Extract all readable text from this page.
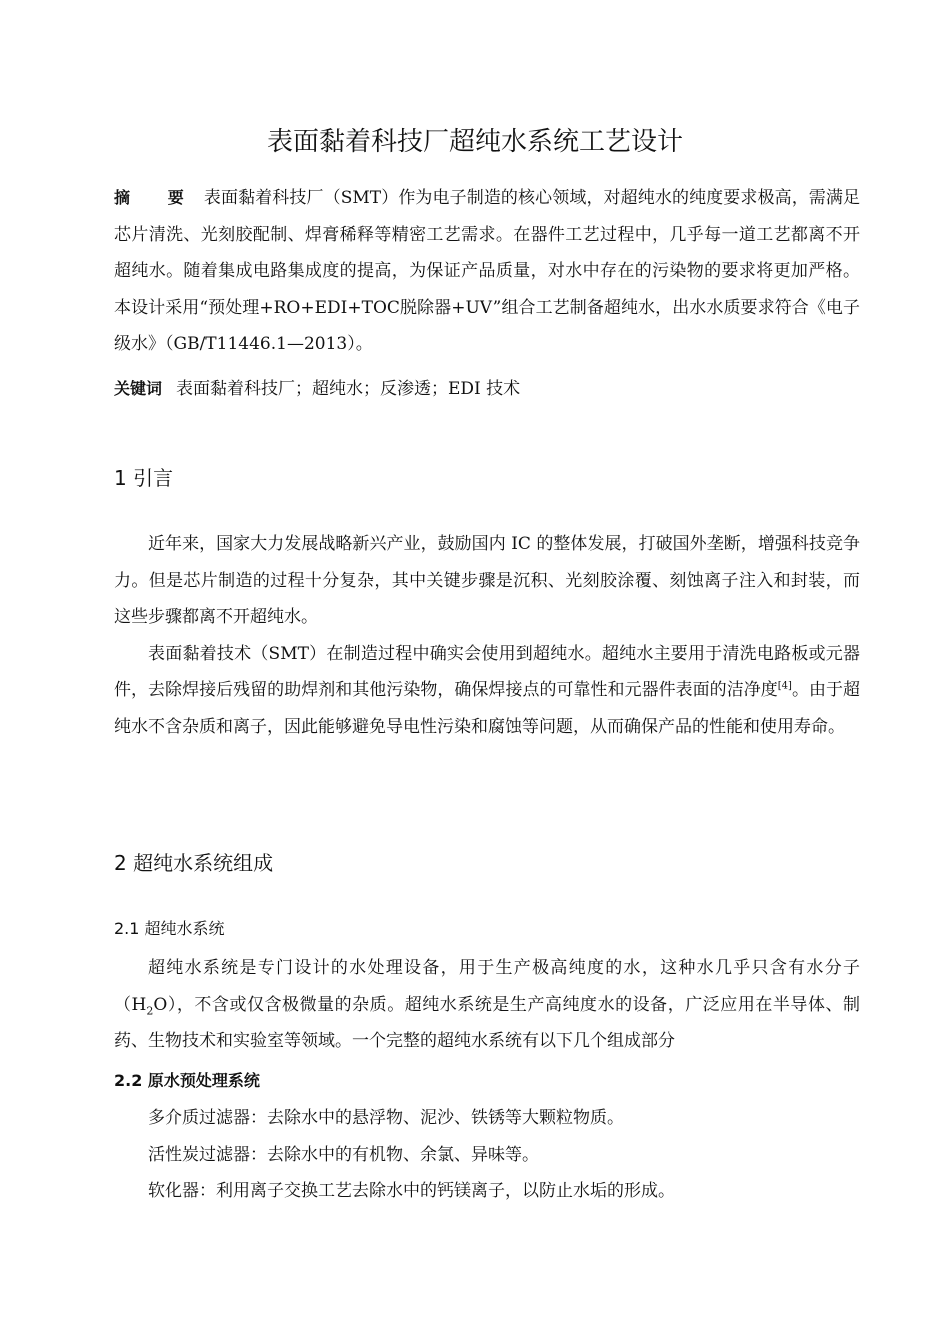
表面黏着科技厂超纯水系统工艺设计
摘 要 表面黏着科技厂（SMT）作为电子制造的核心领域，对超纯水的纯度要求极高，需满足芯片清洗、光刻胶配制、焊膏稀释等精密工艺需求。在器件工艺过程中，几乎每一道工艺都离不开超纯水。随着集成电路集成度的提高，为保证产品质量，对水中存在的污染物的要求将更加严格。本设计采用“预处理+RO+EDI+TOC脱除器+UV”组合工艺制备超纯水，出水水质要求符合《电子级水》（GB/T11446.1—2013）。
关键词 表面黏着科技厂；超纯水；反渗透；EDI 技术
1 引言

近年来，国家大力发展战略新兴产业，鼓励国内 IC 的整体发展，打破国外垄断，增强科技竞争力。但是芯片制造的过程十分复杂，其中关键步骤是沉积、光刻胶涂覆、刻蚀离子注入和封装，而这些步骤都离不开超纯水。

表面黏着技术（SMT）在制造过程中确实会使用到超纯水。超纯水主要用于清洗电路板或元器件，去除焊接后残留的助焊剂和其他污染物，确保焊接点的可靠性和元器件表面的洁净度[4]。由于超纯水不含杂质和离子，因此能够避免导电性污染和腐蚀等问题，从而确保产品的性能和使用寿命。

2 超纯水系统组成
2.1 超纯水系统

超纯水系统是专门设计的水处理设备，用于生产极高纯度的水，这种水几乎只含有水分子$(H_2O)$，不含或仅含极微量的杂质。超纯水系统是生产高纯度水的设备，广泛应用在半导体、制药、生物技术和实验室等领域。一个完整的超纯水系统有以下几个组成部分

2.2 原水预处理系统

多介质过滤器：去除水中的悬浮物、泥沙、铁锈等大颗粒物质。

活性炭过滤器：去除水中的有机物、余氯、异味等。

软化器：利用离子交换工艺去除水中的钙镁离子，以防止水垢的形成。
